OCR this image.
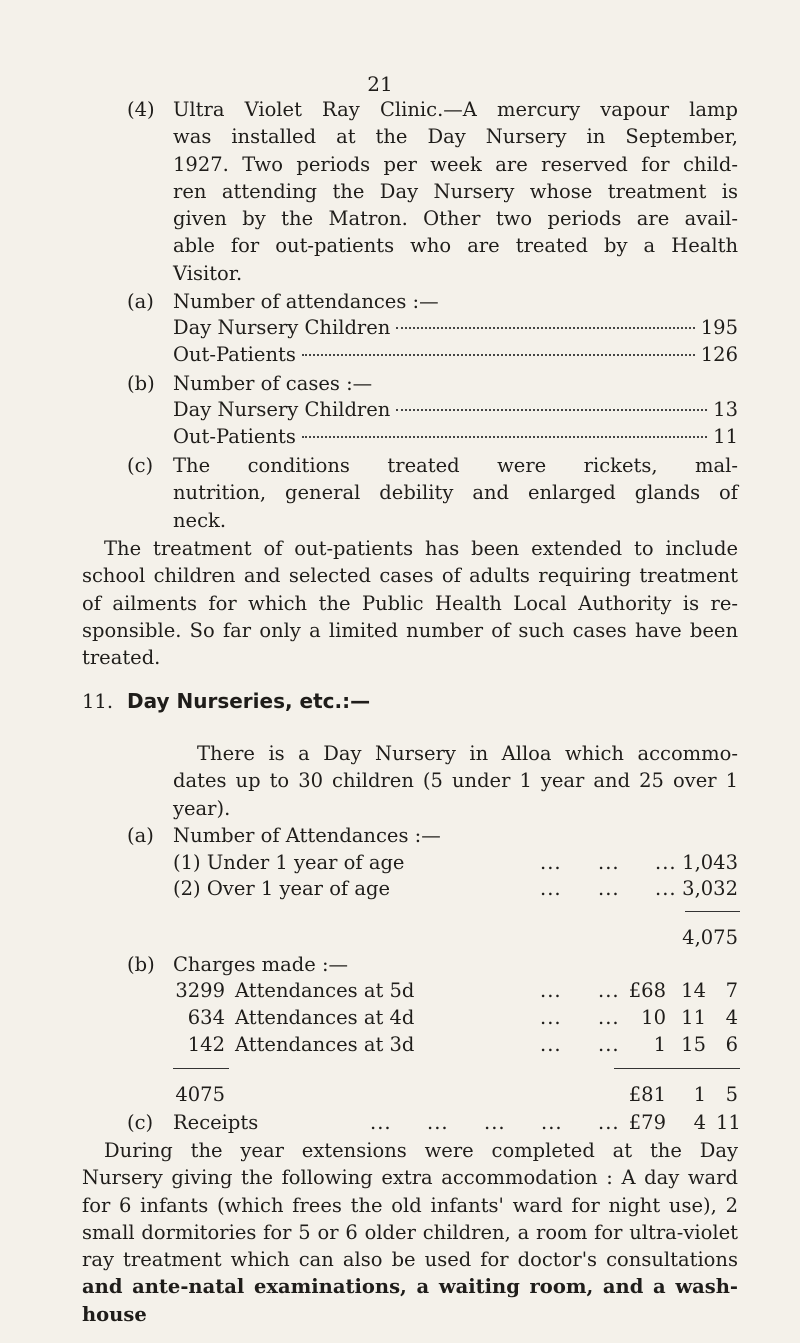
21
(4) Ultra Violet Ray Clinic.—A mercury vapour lamp
was installed at the Day Nursery in September,
1927. Two periods per week are reserved for child-
ren attending the Day Nursery whose treatment is
given by the Matron. Other two periods are avail-
able for out-patients who are treated by a Health
Visitor.
(a) Number of attendances :—
Day Nursery Children	195
Out-Patients	126
(b) Number of cases :—
Day Nursery Children	13
Out-Patients	11
(c) The conditions treated were rickets, mal-
nutrition, general debility and enlarged glands of
neck.
The treatment of out-patients has been extended to include
school children and selected cases of adults requiring treatment
of ailments for which the Public Health Local Authority is re-
sponsible. So far only a limited number of such cases have been
treated.
11. Day Nurseries, etc.:—
There is a Day Nursery in Alloa which accommo-
dates up to 30 children (5 under 1 year and 25 over 1
year).
(a) Number of Attendances :—
(1) Under 1 year of age	... ... ... 1,043
(2) Over 1 year of age	... ... ... 3,032
4,075
(b) Charges made :—
3299 Attendances at 5d	... ... £68 14	7
634 Attendances at 4d	... ...	10 11	4
142 Attendances at 3d	... ...	1 15	6
4075	£81	1	5
(c) Receipts	... ... ... ... ... £79	4 11
During the year extensions were completed at the Day
Nursery giving the following extra accommodation : A day ward
for 6 infants (which frees the old infants' ward for night use), 2
small dormitories for 5 or 6 older children, a room for ultra-violet
ray treatment which can also be used for doctor's consultations
and ante-natal examinations, a waiting room, and a wash-house
